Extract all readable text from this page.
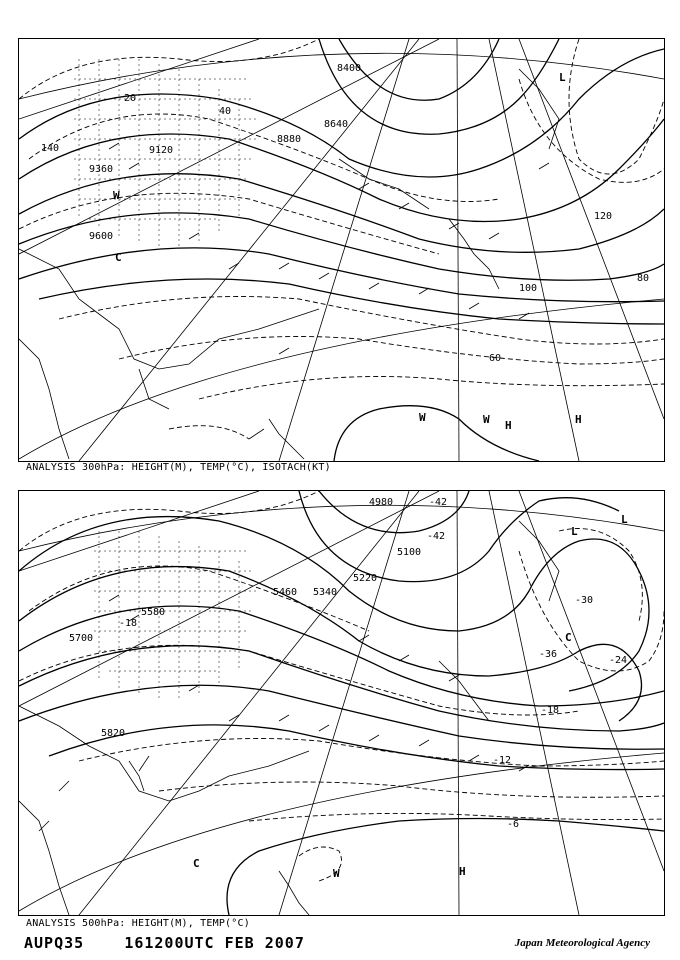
8400
8640
8880
9120
9360
9600
20
40
60
80
100
120
140
L
H	H
W	W
W
C
ANALYSIS 300hPa: HEIGHT(M), TEMP(°C), ISOTACH(KT)
4980
5100
5220
5340
5460
5580
5700
5820
-42
-42
-30
-36
-24
-18
-12
-6
-18
L
L
C
C
H
W
ANALYSIS 500hPa: HEIGHT(M), TEMP(°C)
AUPQ35	161200UTC FEB 2007	Japan Meteorological Agency
